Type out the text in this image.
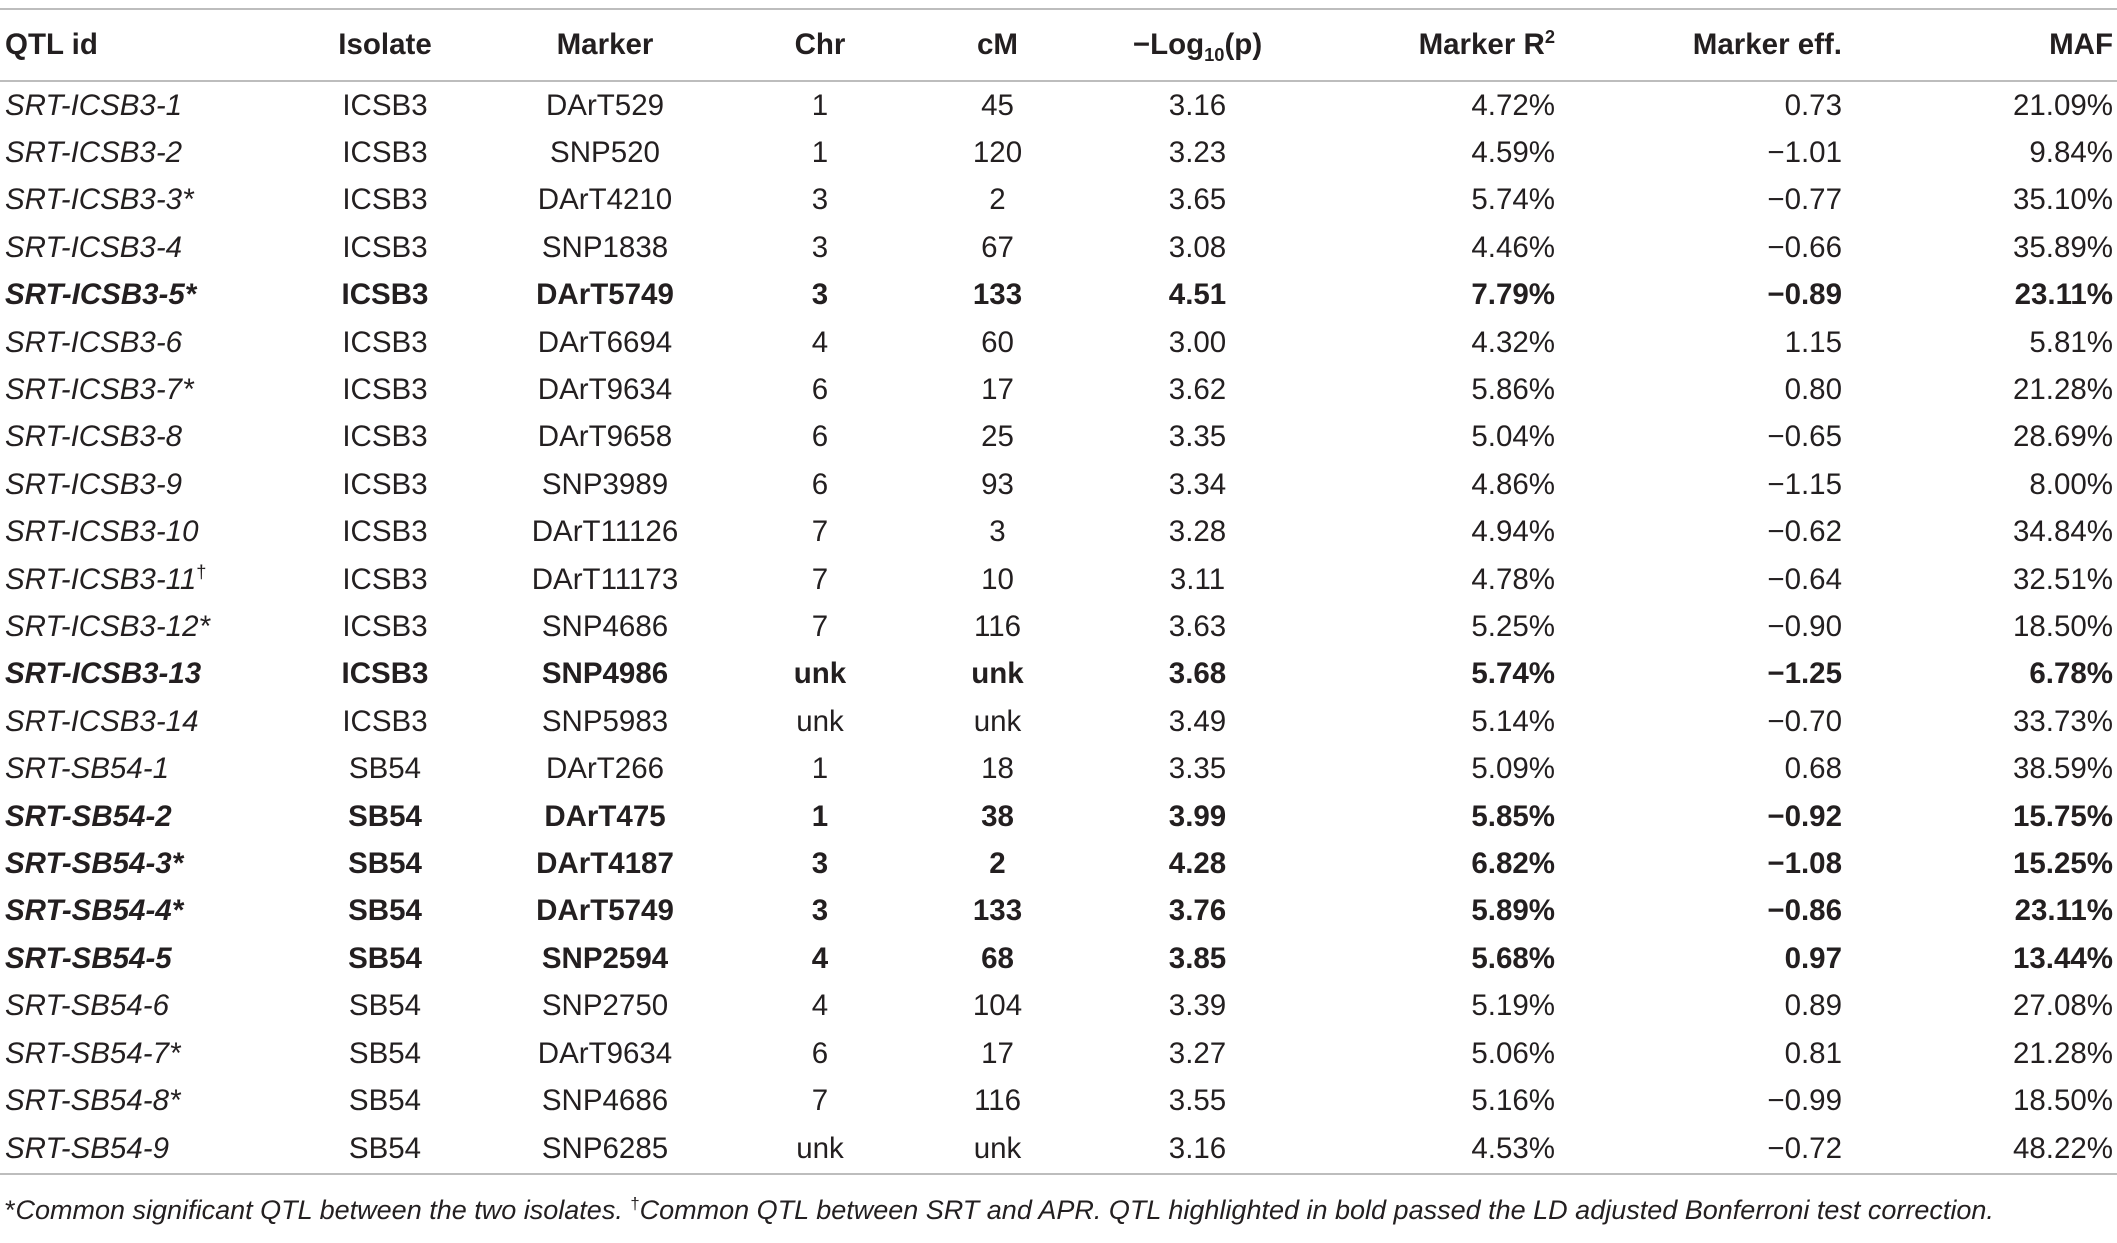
QTL id	Isolate	Marker	Chr	cM	−Log$_{10}$(p)	Marker $R^2$	Marker eff.	MAF
SRT-ICSB3-1	ICSB3	DArT529	1	45	3.16	4.72%	0.73	21.09%
SRT-ICSB3-2	ICSB3	SNP520	1	120	3.23	4.59%	−1.01	9.84%
SRT-ICSB3-3*	ICSB3	DArT4210	3	2	3.65	5.74%	−0.77	35.10%
SRT-ICSB3-4	ICSB3	SNP1838	3	67	3.08	4.46%	−0.66	35.89%
SRT-ICSB3-5*	ICSB3	DArT5749	3	133	4.51	7.79%	−0.89	23.11%
SRT-ICSB3-6	ICSB3	DArT6694	4	60	3.00	4.32%	1.15	5.81%
SRT-ICSB3-7*	ICSB3	DArT9634	6	17	3.62	5.86%	0.80	21.28%
SRT-ICSB3-8	ICSB3	DArT9658	6	25	3.35	5.04%	−0.65	28.69%
SRT-ICSB3-9	ICSB3	SNP3989	6	93	3.34	4.86%	−1.15	8.00%
SRT-ICSB3-10	ICSB3	DArT11126	7	3	3.28	4.94%	−0.62	34.84%
SRT-ICSB3-11†	ICSB3	DArT11173	7	10	3.11	4.78%	−0.64	32.51%
SRT-ICSB3-12*	ICSB3	SNP4686	7	116	3.63	5.25%	−0.90	18.50%
SRT-ICSB3-13	ICSB3	SNP4986	unk	unk	3.68	5.74%	−1.25	6.78%
SRT-ICSB3-14	ICSB3	SNP5983	unk	unk	3.49	5.14%	−0.70	33.73%
SRT-SB54-1	SB54	DArT266	1	18	3.35	5.09%	0.68	38.59%
SRT-SB54-2	SB54	DArT475	1	38	3.99	5.85%	−0.92	15.75%
SRT-SB54-3*	SB54	DArT4187	3	2	4.28	6.82%	−1.08	15.25%
SRT-SB54-4*	SB54	DArT5749	3	133	3.76	5.89%	−0.86	23.11%
SRT-SB54-5	SB54	SNP2594	4	68	3.85	5.68%	0.97	13.44%
SRT-SB54-6	SB54	SNP2750	4	104	3.39	5.19%	0.89	27.08%
SRT-SB54-7*	SB54	DArT9634	6	17	3.27	5.06%	0.81	21.28%
SRT-SB54-8*	SB54	SNP4686	7	116	3.55	5.16%	−0.99	18.50%
SRT-SB54-9	SB54	SNP6285	unk	unk	3.16	4.53%	−0.72	48.22%
*Common significant QTL between the two isolates. †Common QTL between SRT and APR. QTL highlighted in bold passed the LD adjusted Bonferroni test correction.
